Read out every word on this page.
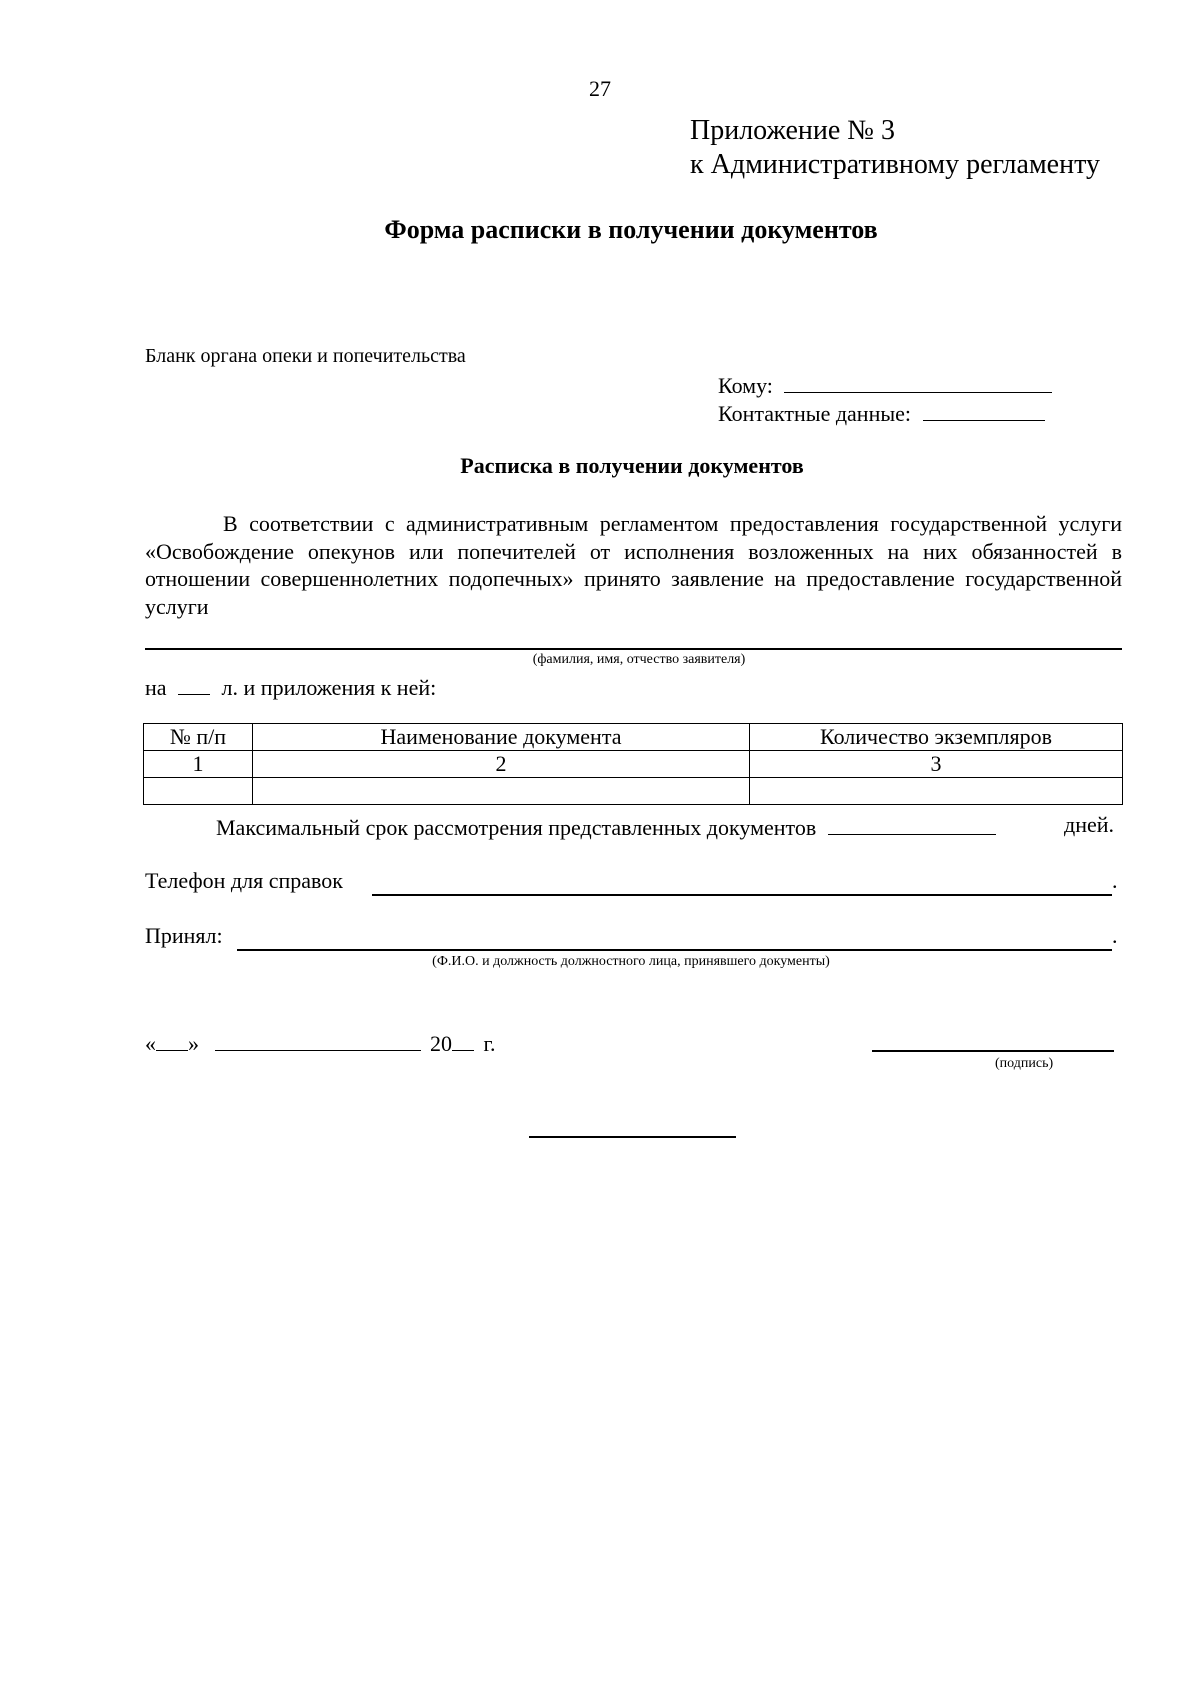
27
Приложение № 3
к Административному регламенту
Форма расписки в получении документов
Бланк органа опеки и попечительства
Кому:
Контактные данные:
Расписка в получении документов
В соответствии с административным регламентом предоставления государственной услуги «Освобождение опекунов или попечителей от исполнения возложенных на них обязанностей в отношении совершеннолетних подопечных» принято заявление на предоставление государственной услуги
(фамилия, имя, отчество заявителя)
на	л. и приложения к ней:
№ п/п	Наименование документа	Количество экземпляров
1	2	3

Максимальный срок рассмотрения представленных документов	дней.
Телефон для справок	.
Принял:	.
(Ф.И.О. и должность должностного лица, принявшего документы)
« »	20 г.
(подпись)
